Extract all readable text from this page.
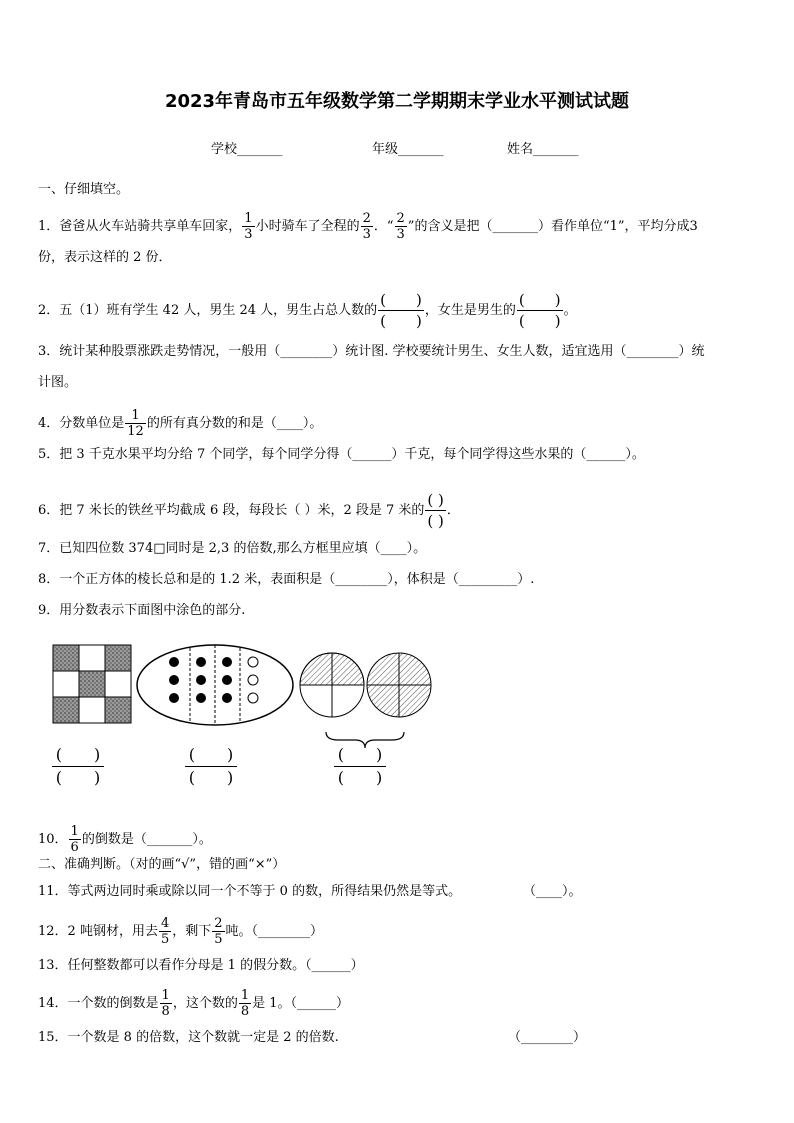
2023年青岛市五年级数学第二学期期末学业水平测试试题
学校_______	年级_______	姓名_______
一、仔细填空。
1．爸爸从火车站骑共享单车回家， $\frac{1}{3}$ 小时骑车了全程的 $\frac{2}{3}$ ．“ $\frac{2}{3}$ ”的含义是把（_______）看作单位“1”，平均分成3
份，表示这样的 2 份．
2．五（1）班有学生 42 人，男生 24 人，男生占总人数的 $\frac{( )}{( )}$ ，女生是男生的 $\frac{( )}{( )}$ 。
3．统计某种股票涨跌走势情况，一般用（________）统计图. 学校要统计男生、女生人数，适宜选用（________）统
计图。
4．分数单位是 $\frac{1}{12}$ 的所有真分数的和是（____）。
5．把 3 千克水果平均分给 7 个同学，每个同学分得（______）千克，每个同学得这些水果的（______）。
6．把 7 米长的铁丝平均截成 6 段，每段长（ ）米，2 段是 7 米的 $\frac{( )}{( )}$ ．
7．已知四位数 374□同时是 2,3 的倍数,那么方框里应填（____）。
8．一个正方体的棱长总和是的 1.2 米，表面积是（________），体积是（_________）.
9．用分数表示下面图中涂色的部分.
(　　)
(　　)
(　　)
(　　)
(　　)
(　　)
10． $\frac{1}{6}$ 的倒数是（_______）。
二、准确判断。（对的画“√”，错的画“×”）
11．等式两边同时乘或除以同一个不等于 0 的数，所得结果仍然是等式。	（____）。
12．2 吨钢材，用去 $\frac{4}{5}$ ，剩下 $\frac{2}{5}$ 吨。（________）
13．任何整数都可以看作分母是 1 的假分数。（______）
14．一个数的倒数是 $\frac{1}{8}$ ，这个数的 $\frac{1}{8}$ 是 1。（______）
15．一个数是 8 的倍数，这个数就一定是 2 的倍数.	（________）
